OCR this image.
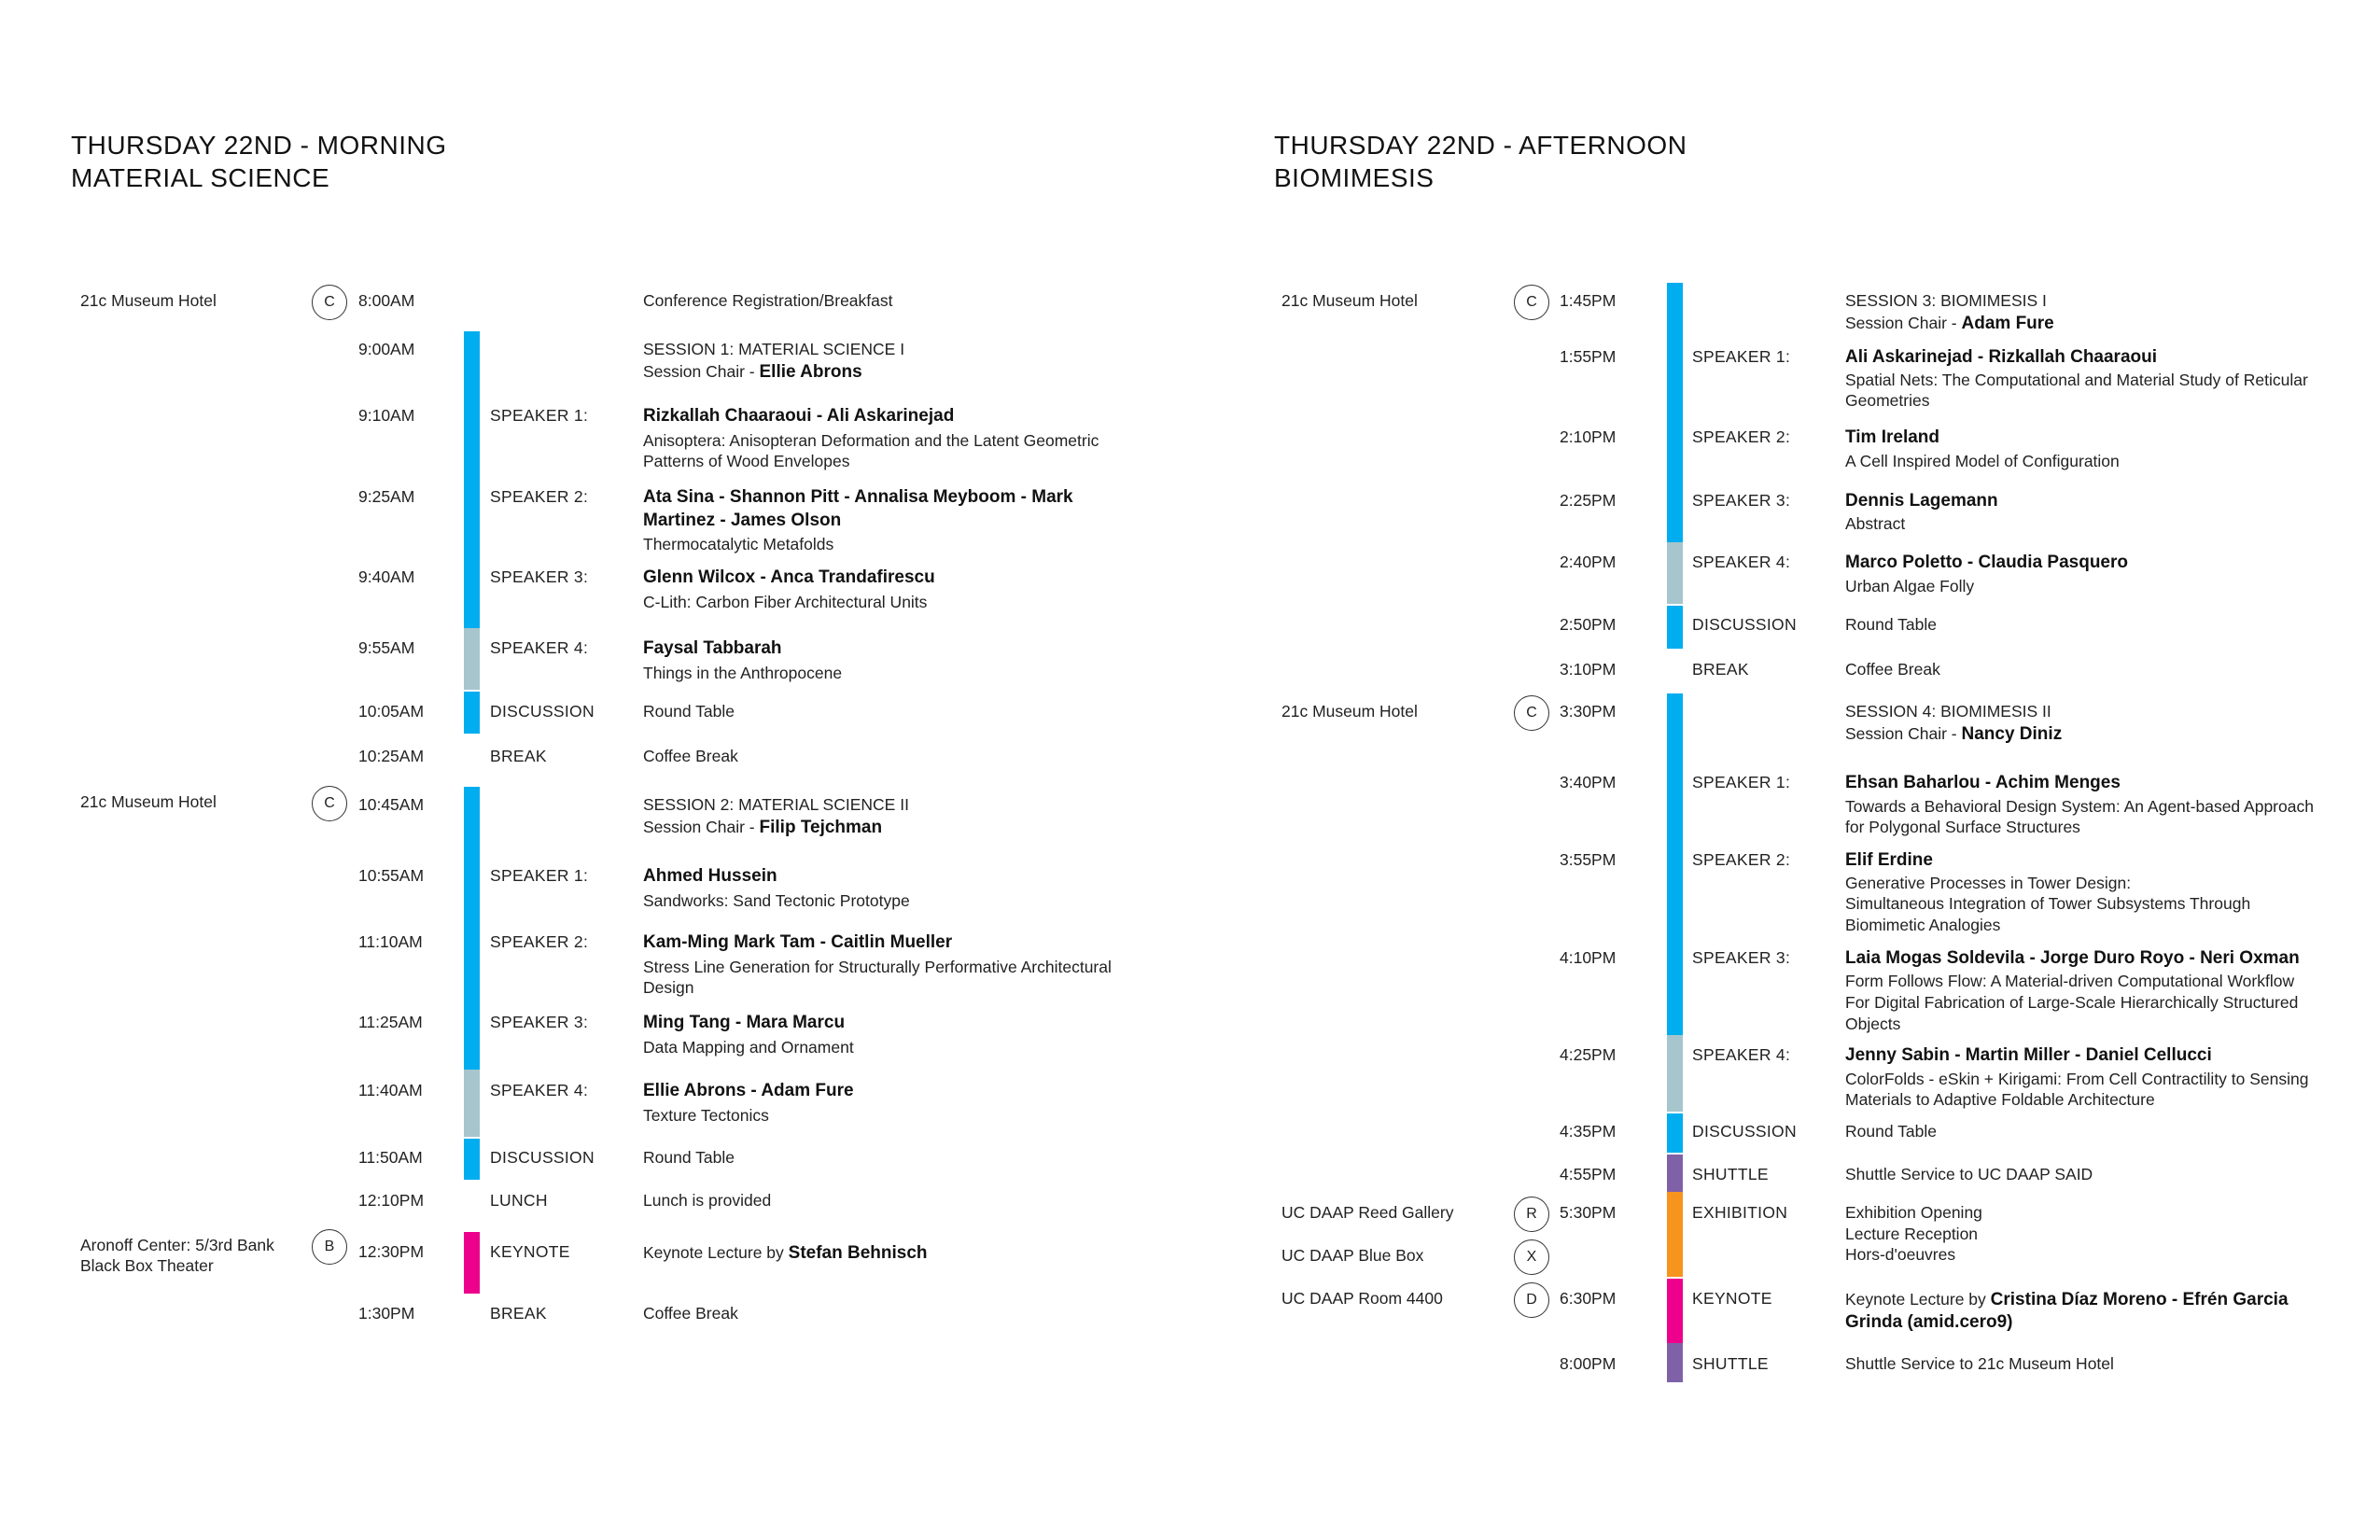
THURSDAY 22ND - MORNING
MATERIAL SCIENCE
21c Museum Hotel
21c Museum Hotel
Aronoff Center: 5/3rd Bank
Black Box Theater
C
C
B
8:00AM
9:00AM
9:10AM
9:25AM
9:40AM
9:55AM
10:05AM
10:25AM
10:45AM
10:55AM
11:10AM
11:25AM
11:40AM
11:50AM
12:10PM
12:30PM
1:30PM
SPEAKER 1:
SPEAKER 2:
SPEAKER 3:
SPEAKER 4:
DISCUSSION
BREAK
SPEAKER 1:
SPEAKER 2:
SPEAKER 3:
SPEAKER 4:
DISCUSSION
LUNCH
KEYNOTE
BREAK
Conference Registration/Breakfast
SESSION 1: MATERIAL SCIENCE I
Session Chair - Ellie Abrons
Rizkallah Chaaraoui - Ali Askarinejad
Anisoptera: Anisopteran Deformation and the Latent Geometric
Patterns of Wood Envelopes
Ata Sina - Shannon Pitt - Annalisa Meyboom - Mark
Martinez - James Olson
Thermocatalytic Metafolds
Glenn Wilcox - Anca Trandafirescu
C-Lith: Carbon Fiber Architectural Units
Faysal Tabbarah
Things in the Anthropocene
Round Table
Coffee Break
SESSION 2: MATERIAL SCIENCE II
Session Chair - Filip Tejchman
Ahmed Hussein
Sandworks: Sand Tectonic Prototype
Kam-Ming Mark Tam - Caitlin Mueller
Stress Line Generation for Structurally Performative Architectural
Design
Ming Tang - Mara Marcu
Data Mapping and Ornament
Ellie Abrons - Adam Fure
Texture Tectonics
Round Table
Lunch is provided
Keynote Lecture by Stefan Behnisch
Coffee Break
THURSDAY 22ND - AFTERNOON
BIOMIMESIS
21c Museum Hotel
21c Museum Hotel
UC DAAP Reed Gallery
UC DAAP Blue Box
UC DAAP Room 4400
C
C
R
X
D
1:45PM
1:55PM
2:10PM
2:25PM
2:40PM
2:50PM
3:10PM
3:30PM
3:40PM
3:55PM
4:10PM
4:25PM
4:35PM
4:55PM
5:30PM
6:30PM
8:00PM
SPEAKER 1:
SPEAKER 2:
SPEAKER 3:
SPEAKER 4:
DISCUSSION
BREAK
SPEAKER 1:
SPEAKER 2:
SPEAKER 3:
SPEAKER 4:
DISCUSSION
SHUTTLE
EXHIBITION
KEYNOTE
SHUTTLE
SESSION 3: BIOMIMESIS I
Session Chair - Adam Fure
Ali Askarinejad - Rizkallah Chaaraoui
Spatial Nets: The Computational and Material Study of Reticular
Geometries
Tim Ireland
A Cell Inspired Model of Configuration
Dennis Lagemann
Abstract
Marco Poletto - Claudia Pasquero
Urban Algae Folly
Round Table
Coffee Break
SESSION 4: BIOMIMESIS II
Session Chair - Nancy Diniz
Ehsan Baharlou - Achim Menges
Towards a Behavioral Design System: An Agent-based Approach
for Polygonal Surface Structures
Elif Erdine
Generative Processes in Tower Design:
Simultaneous Integration of Tower Subsystems Through
Biomimetic Analogies
Laia Mogas Soldevila - Jorge Duro Royo - Neri Oxman
Form Follows Flow: A Material-driven Computational Workflow
For Digital Fabrication of Large-Scale Hierarchically Structured
Objects
Jenny Sabin - Martin Miller - Daniel Cellucci
ColorFolds - eSkin + Kirigami: From Cell Contractility to Sensing
Materials to Adaptive Foldable Architecture
Round Table
Shuttle Service to UC DAAP SAID
Exhibition Opening
Lecture Reception
Hors-d'oeuvres
Keynote Lecture by Cristina Díaz Moreno - Efrén Garcia
Grinda (amid.cero9)
Shuttle Service to 21c Museum Hotel
